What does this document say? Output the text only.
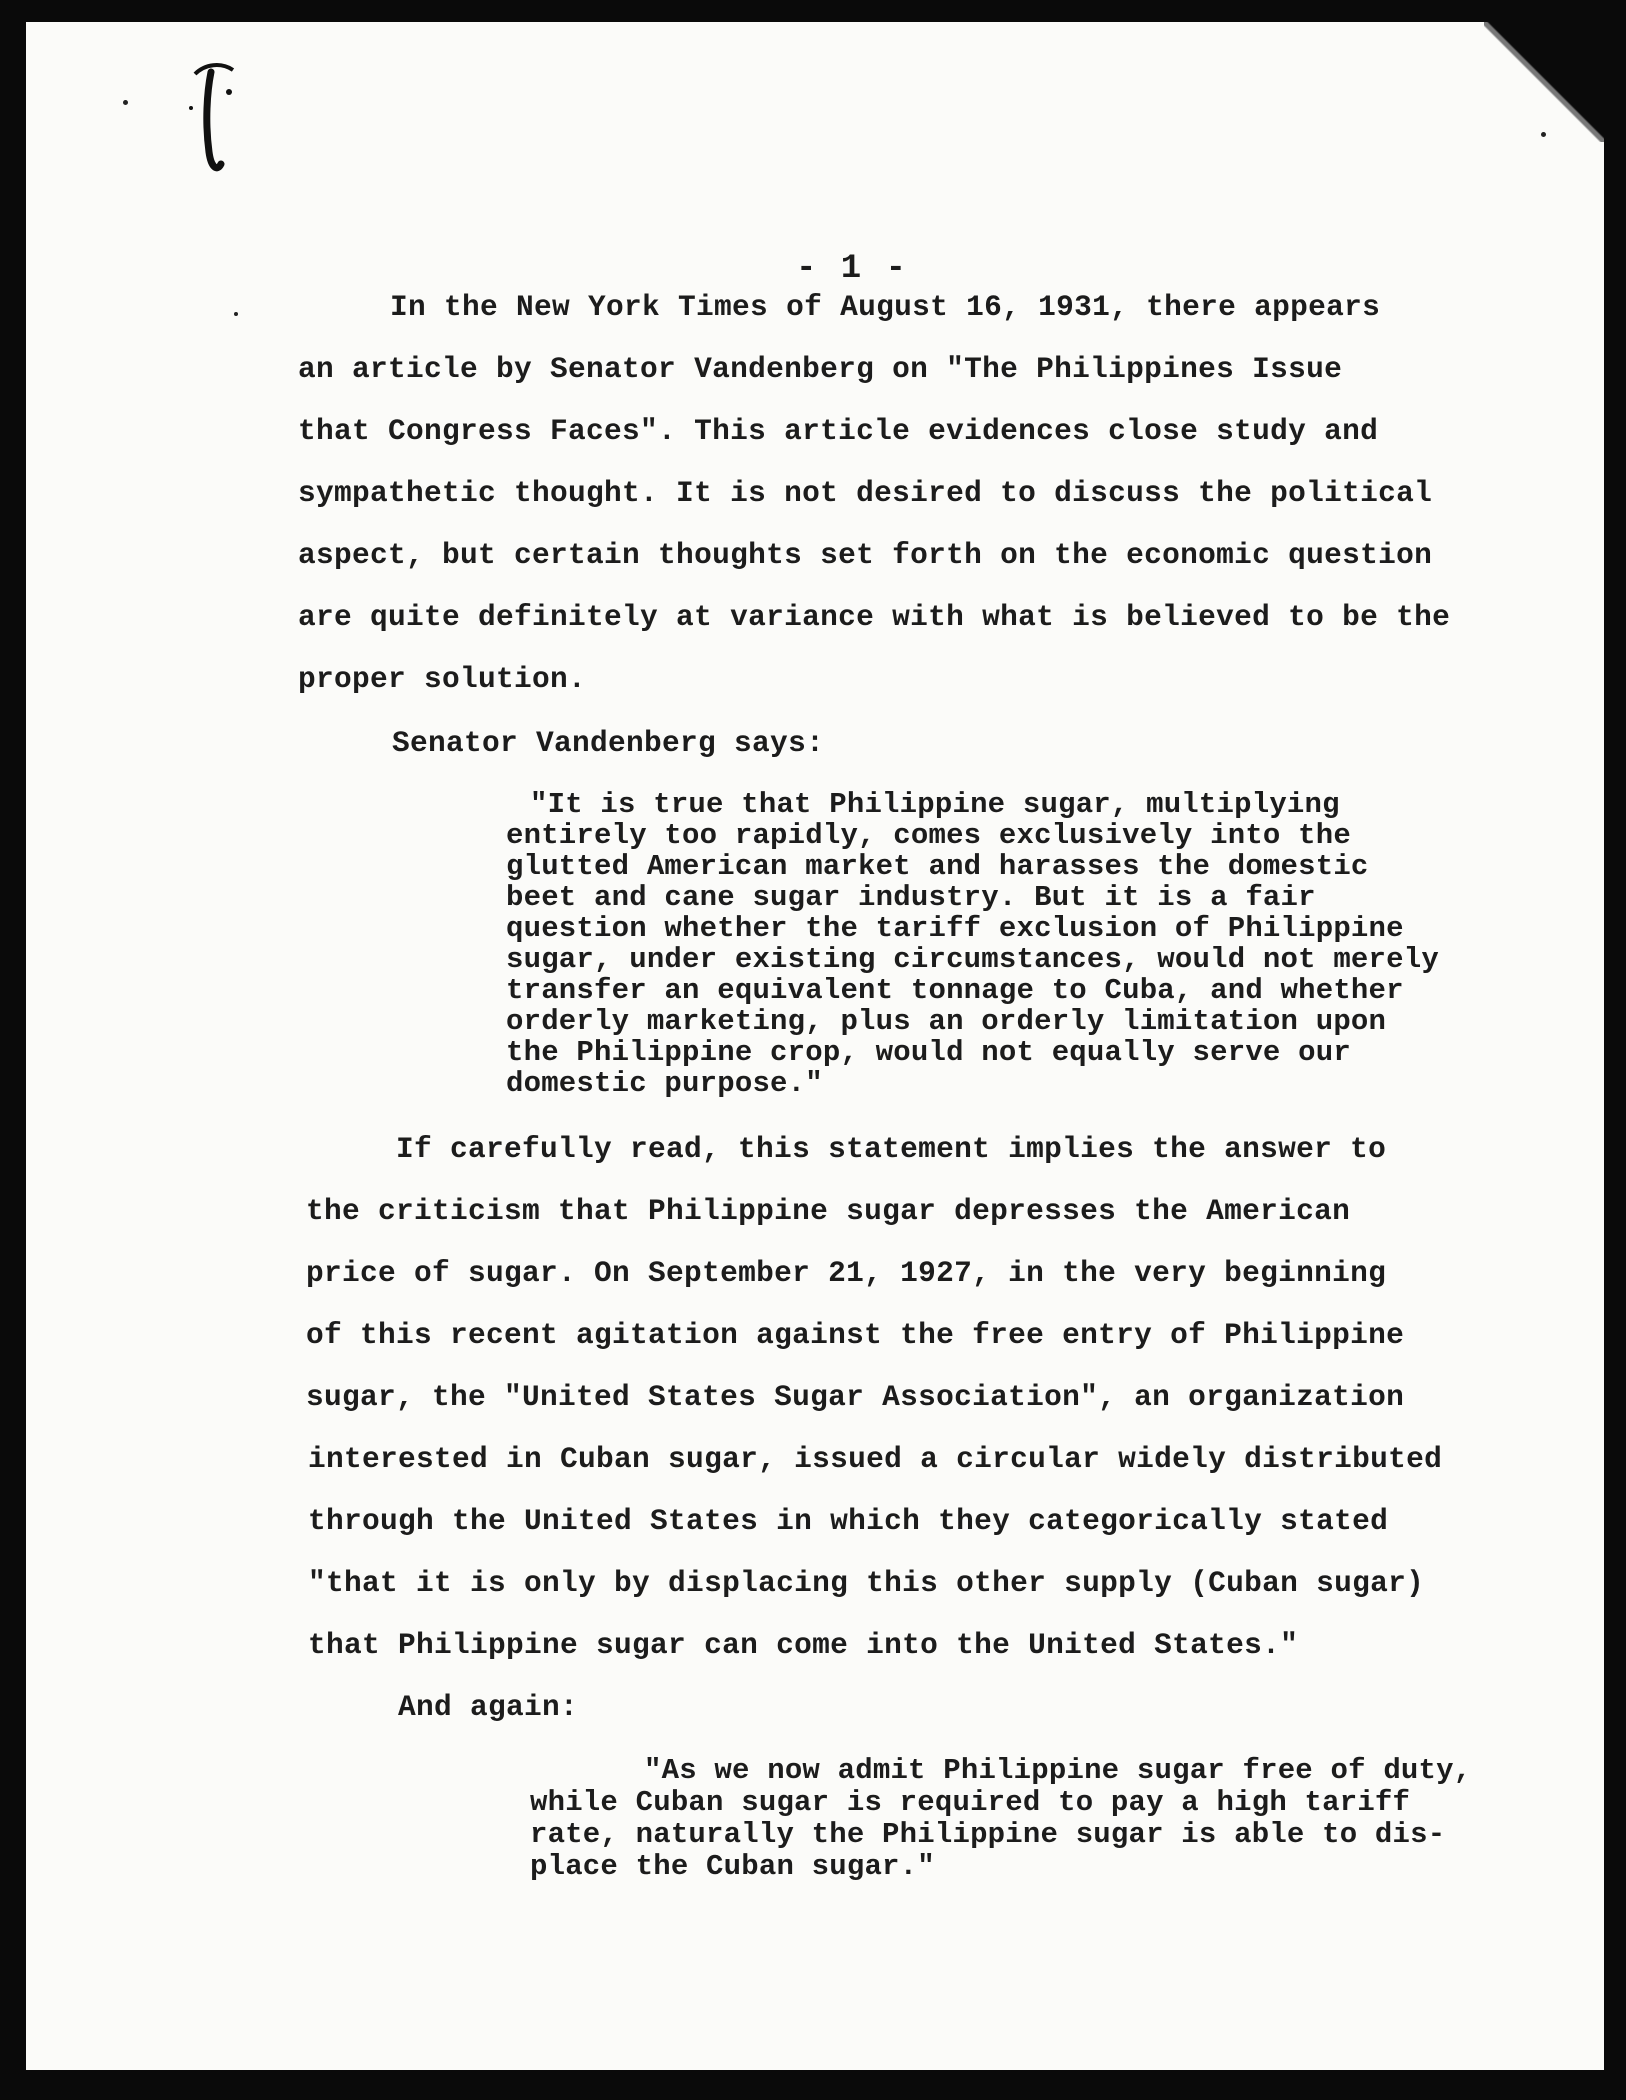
- 1 -

In the New York Times of August 16, 1931, there appears

an article by Senator Vandenberg on "The Philippines Issue

that Congress Faces". This article evidences close study and

sympathetic thought. It is not desired to discuss the political

aspect, but certain thoughts set forth on the economic question

are quite definitely at variance with what is believed to be the

proper solution.

Senator Vandenberg says:

"It is true that Philippine sugar, multiplying

entirely too rapidly, comes exclusively into the

glutted American market and harasses the domestic

beet and cane sugar industry. But it is a fair

question whether the tariff exclusion of Philippine

sugar, under existing circumstances, would not merely

transfer an equivalent tonnage to Cuba, and whether

orderly marketing, plus an orderly limitation upon

the Philippine crop, would not equally serve our

domestic purpose."

If carefully read, this statement implies the answer to

the criticism that Philippine sugar depresses the American

price of sugar. On September 21, 1927, in the very beginning

of this recent agitation against the free entry of Philippine

sugar, the "United States Sugar Association", an organization

interested in Cuban sugar, issued a circular widely distributed

through the United States in which they categorically stated

"that it is only by displacing this other supply (Cuban sugar)

that Philippine sugar can come into the United States."

And again:

"As we now admit Philippine sugar free of duty,

while Cuban sugar is required to pay a high tariff

rate, naturally the Philippine sugar is able to dis-

place the Cuban sugar."
